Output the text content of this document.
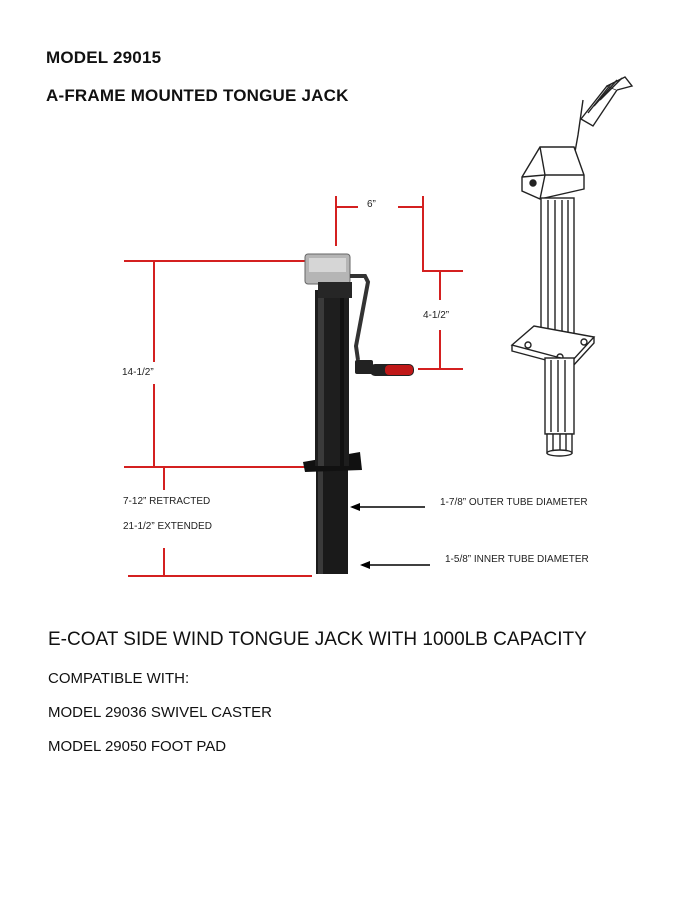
MODEL 29015
A-FRAME MOUNTED TONGUE JACK
6”
4-1/2”
14-1/2”
7-12” RETRACTED
21-1/2” EXTENDED
1-7/8” OUTER TUBE DIAMETER
1-5/8” INNER TUBE DIAMETER
E-COAT SIDE WIND TONGUE JACK WITH 1000LB CAPACITY
COMPATIBLE WITH:
MODEL 29036 SWIVEL CASTER
MODEL 29050 FOOT PAD
